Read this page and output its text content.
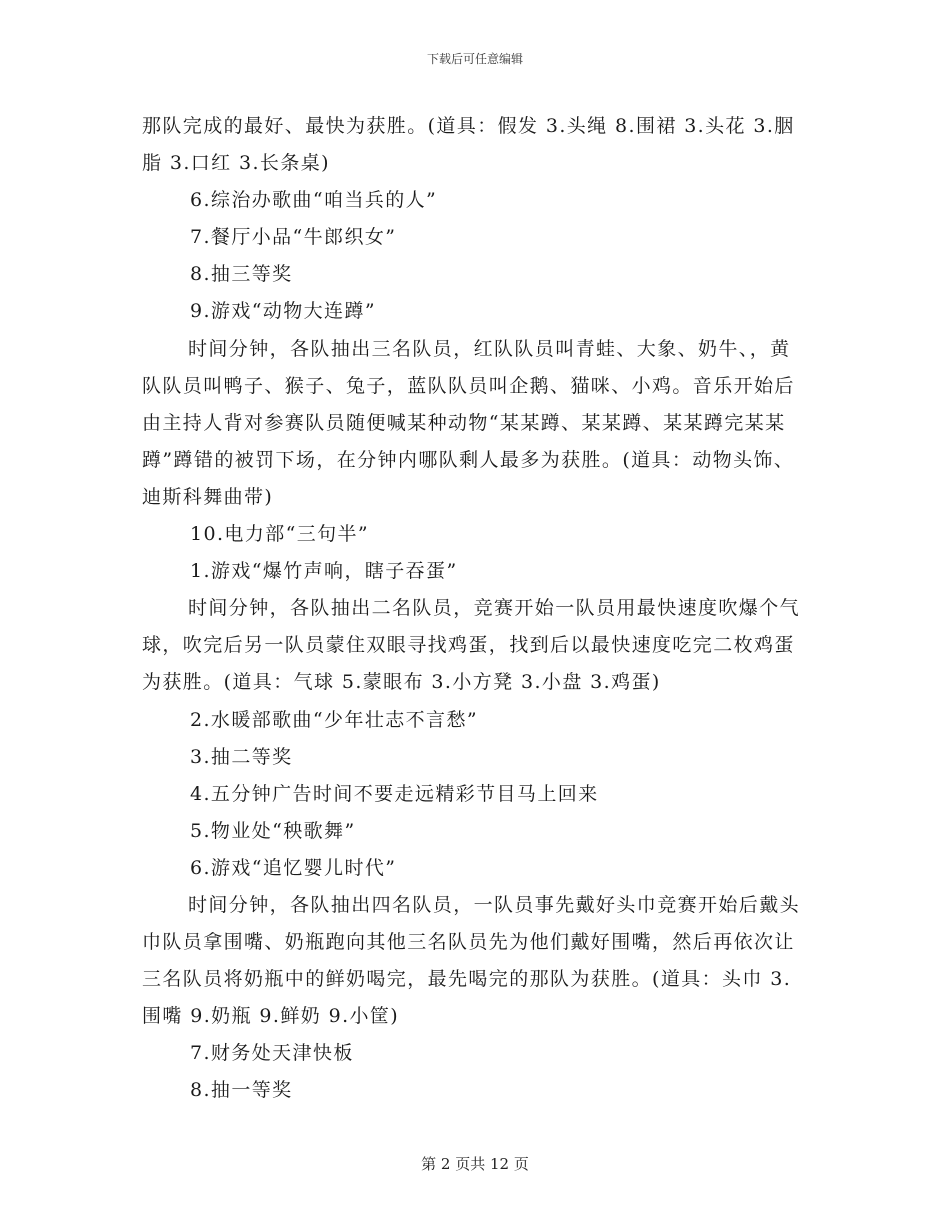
下载后可任意编辑

那队完成的最好、最快为获胜。(道具：假发 3.头绳 8.围裙 3.头花 3.胭脂 3.口红 3.长条桌)

6.综治办歌曲“咱当兵的人”

7.餐厅小品“牛郎织女”

8.抽三等奖

9.游戏“动物大连蹲”

时间分钟，各队抽出三名队员，红队队员叫青蛙、大象、奶牛、，黄队队员叫鸭子、猴子、兔子，蓝队队员叫企鹅、猫咪、小鸡。音乐开始后由主持人背对参赛队员随便喊某种动物“某某蹲、某某蹲、某某蹲完某某蹲”蹲错的被罚下场，在分钟内哪队剩人最多为获胜。(道具：动物头饰、迪斯科舞曲带)

10.电力部“三句半”

1.游戏“爆竹声响，瞎子吞蛋”

时间分钟，各队抽出二名队员，竞赛开始一队员用最快速度吹爆个气球，吹完后另一队员蒙住双眼寻找鸡蛋，找到后以最快速度吃完二枚鸡蛋为获胜。(道具：气球 5.蒙眼布 3.小方凳 3.小盘 3.鸡蛋)

2.水暖部歌曲“少年壮志不言愁”

3.抽二等奖

4.五分钟广告时间不要走远精彩节目马上回来

5.物业处“秧歌舞”

6.游戏“追忆婴儿时代”

时间分钟，各队抽出四名队员，一队员事先戴好头巾竞赛开始后戴头巾队员拿围嘴、奶瓶跑向其他三名队员先为他们戴好围嘴，然后再依次让三名队员将奶瓶中的鲜奶喝完，最先喝完的那队为获胜。(道具：头巾 3.围嘴 9.奶瓶 9.鲜奶 9.小筐)

7.财务处天津快板

8.抽一等奖

第 2 页共 12 页
